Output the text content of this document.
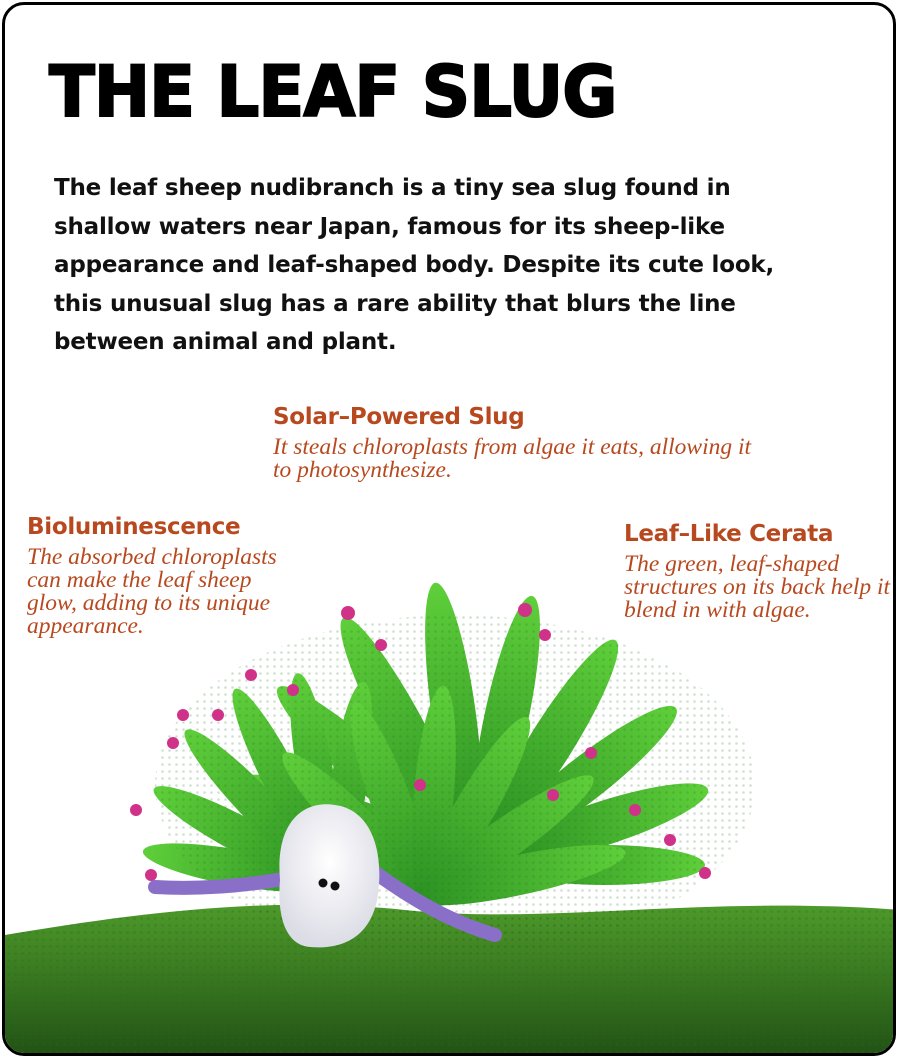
THE LEAF SLUG

The leaf sheep nudibranch is a tiny sea slug found in shallow waters near Japan, famous for its sheep-like appearance and leaf-shaped body. Despite its cute look, this unusual slug has a rare ability that blurs the line between animal and plant.

Solar–Powered Slug

It steals chloroplasts from algae it eats, allowing it to photosynthesize.

Bioluminescence

The absorbed chloroplasts can make the leaf sheep glow, adding to its unique appearance.

Leaf–Like Cerata

The green, leaf-shaped structures on its back help it blend in with algae.
